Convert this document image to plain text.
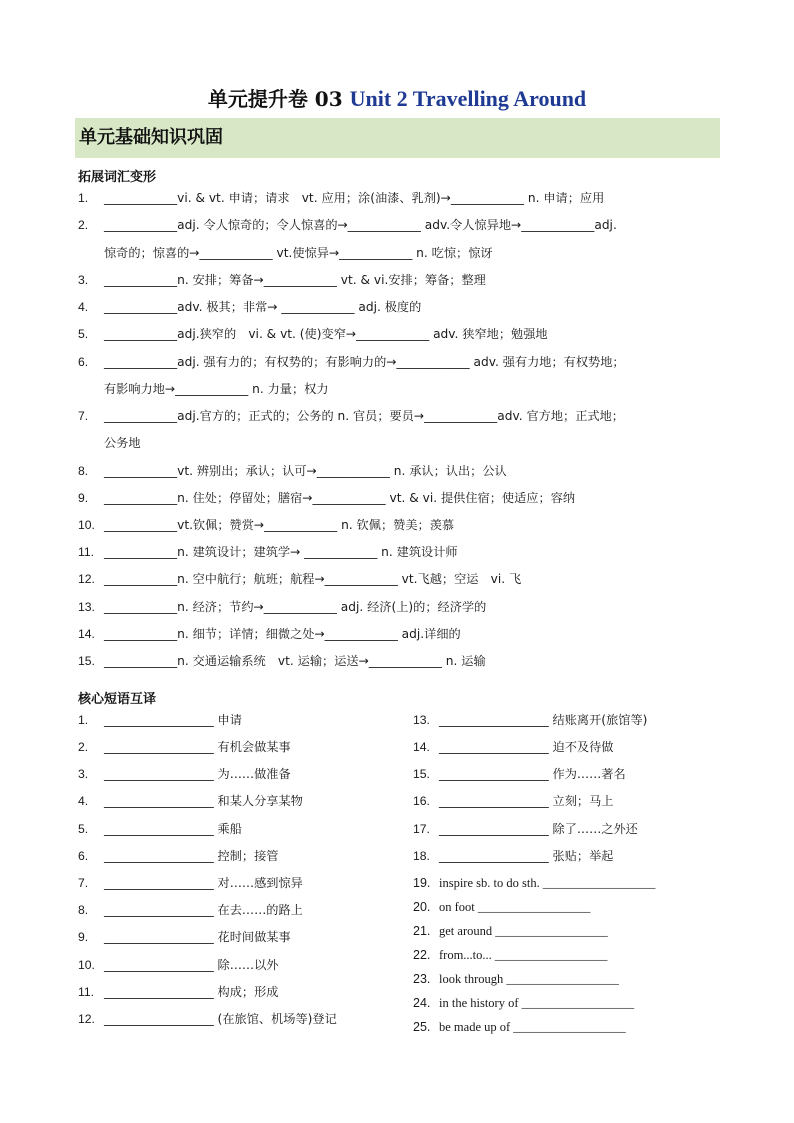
单元提升卷 03 Unit 2 Travelling Around
单元基础知识巩固
拓展词汇变形
1. ____________vi. & vt. 申请；请求　vt. 应用；涂(油漆、乳剂)→____________ n. 申请；应用
2. ____________adj. 令人惊奇的；令人惊喜的→____________ adv.令人惊异地→____________adj.
惊奇的；惊喜的→____________ vt.使惊异→____________ n. 吃惊；惊讶
3. ____________n. 安排；筹备→____________ vt. & vi.安排；筹备；整理
4. ____________adv. 极其；非常→ ____________ adj. 极度的
5. ____________adj.狭窄的　vi. & vt. (使)变窄→____________ adv. 狭窄地；勉强地
6. ____________adj. 强有力的；有权势的；有影响力的→____________ adv. 强有力地；有权势地；
有影响力地→____________ n. 力量；权力
7. ____________adj.官方的；正式的；公务的 n. 官员；要员→____________adv. 官方地；正式地；
公务地
8. ____________vt. 辨别出；承认；认可→____________ n. 承认；认出；公认
9. ____________n. 住处；停留处；膳宿→____________ vt. & vi. 提供住宿；使适应；容纳
10. ____________vt.钦佩；赞赏→____________ n. 钦佩；赞美；羡慕
11. ____________n. 建筑设计；建筑学→ ____________ n. 建筑设计师
12. ____________n. 空中航行；航班；航程→____________ vt.飞越；空运　vi. 飞
13. ____________n. 经济；节约→____________ adj. 经济(上)的；经济学的
14. ____________n. 细节；详情；细微之处→____________ adj.详细的
15. ____________n. 交通运输系统　vt. 运输；运送→____________ n. 运输
核心短语互译
1. __________________ 申请
2. __________________ 有机会做某事
3. __________________ 为……做准备
4. __________________ 和某人分享某物
5. __________________ 乘船
6. __________________ 控制；接管
7. __________________ 对……感到惊异
8. __________________ 在去……的路上
9. __________________ 花时间做某事
10. __________________ 除……以外
11. __________________ 构成；形成
12. __________________ (在旅馆、机场等)登记
13. __________________ 结账离开(旅馆等)
14. __________________ 迫不及待做
15. __________________ 作为……著名
16. __________________ 立刻；马上
17. __________________ 除了……之外还
18. __________________ 张贴；举起
19. inspire sb. to do sth. __________________
20. on foot __________________
21. get around __________________
22. from...to... __________________
23. look through __________________
24. in the history of __________________
25. be made up of __________________
